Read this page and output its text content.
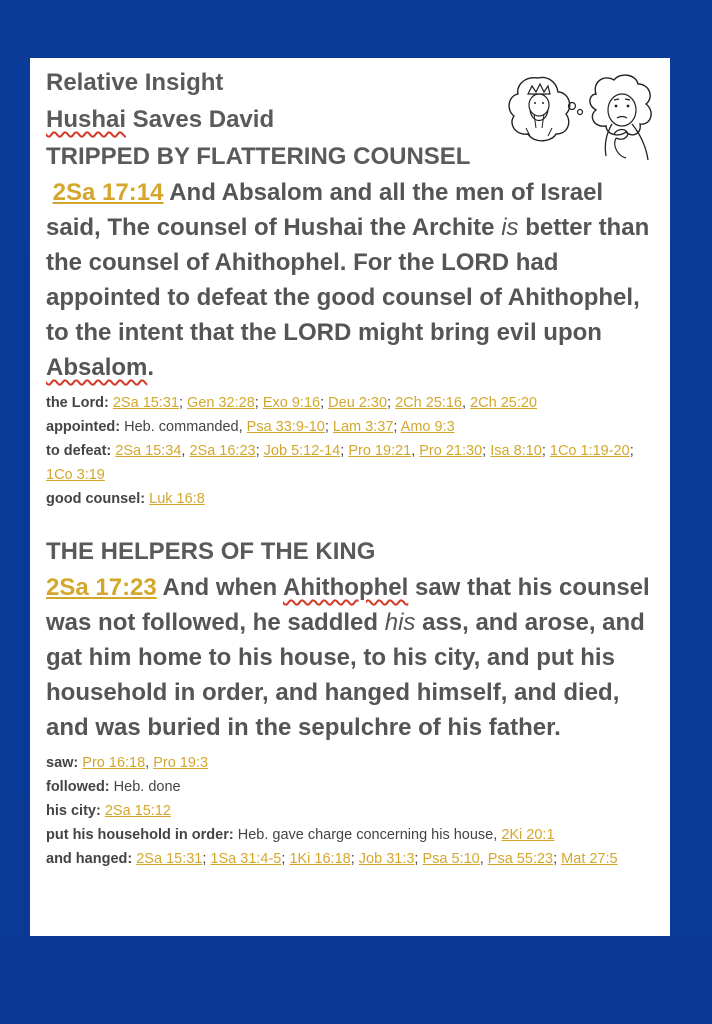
Relative Insight

Hushai Saves David

TRIPPED BY FLATTERING COUNSEL

2Sa 17:14 And Absalom and all the men of Israel said, The counsel of Hushai the Archite is better than the counsel of Ahithophel. For the LORD had appointed to defeat the good counsel of Ahithophel, to the intent that the LORD might bring evil upon Absalom.

the Lord: 2Sa 15:31; Gen 32:28; Exo 9:16; Deu 2:30; 2Ch 25:16, 2Ch 25:20
appointed: Heb. commanded, Psa 33:9-10; Lam 3:37; Amo 9:3
to defeat: 2Sa 15:34, 2Sa 16:23; Job 5:12-14; Pro 19:21, Pro 21:30; Isa 8:10; 1Co 1:19-20; 1Co 3:19
good counsel: Luk 16:8

THE HELPERS OF THE KING

2Sa 17:23 And when Ahithophel saw that his counsel was not followed, he saddled his ass, and arose, and gat him home to his house, to his city, and put his household in order, and hanged himself, and died, and was buried in the sepulchre of his father.

saw: Pro 16:18, Pro 19:3
followed: Heb. done
his city: 2Sa 15:12
put his household in order: Heb. gave charge concerning his house, 2Ki 20:1
and hanged: 2Sa 15:31; 1Sa 31:4-5; 1Ki 16:18; Job 31:3; Psa 5:10, Psa 55:23; Mat 27:5
